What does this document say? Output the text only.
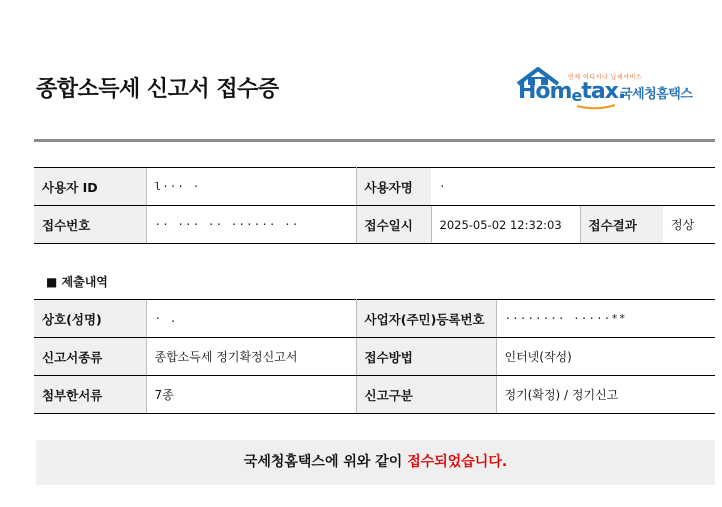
종합소득세 신고서 접수증	언제 어디서나 납세서비스
Hometax.
국세청홈택스
사용자 ID	l··· ·	사용자명	·		
접수번호	·· ··· ·· ······ ··	접수일시	2025-05-02 12:32:03	접수결과	정상
■ 제출내역
상호(성명)	· .	사업자(주민)등록번호	········ ·····**
신고서종류	종합소득세 정기확정신고서	접수방법	인터넷(작성)
첨부한서류	7종	신고구분	정기(확정) / 정기신고
국세청홈택스에 위와 같이 접수되었습니다.
